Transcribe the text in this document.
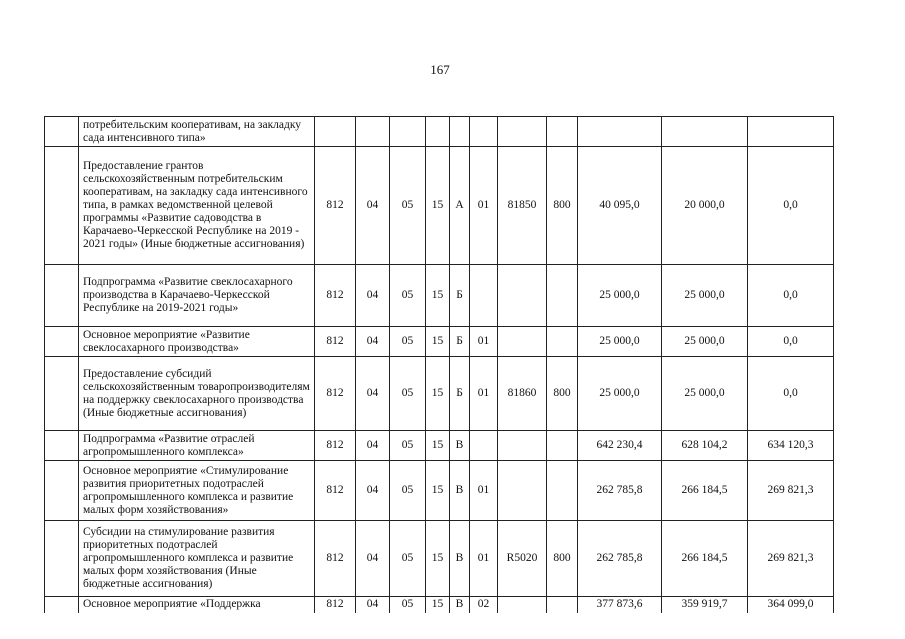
167
	потребительским кооперативам, на закладку сада интенсивного типа»											
	Предоставление грантов сельскохозяйственным потребительским кооперативам, на закладку сада интенсивного типа, в рамках ведомственной целевой программы «Развитие садоводства в Карачаево-Черкесской Республике на 2019 - 2021 годы» (Иные бюджетные ассигнования)	812	04	05	15	А	01	81850	800	40 095,0	20 000,0	0,0
	Подпрограмма «Развитие свеклосахарного производства в Карачаево-Черкесской Республике на 2019-2021 годы»	812	04	05	15	Б				25 000,0	25 000,0	0,0
	Основное мероприятие «Развитие свеклосахарного производства»	812	04	05	15	Б	01			25 000,0	25 000,0	0,0
	Предоставление субсидий сельскохозяйственным товаропроизводителям на поддержку свеклосахарного производства (Иные бюджетные ассигнования)	812	04	05	15	Б	01	81860	800	25 000,0	25 000,0	0,0
	Подпрограмма «Развитие отраслей агропромышленного комплекса»	812	04	05	15	В				642 230,4	628 104,2	634 120,3
	Основное мероприятие «Стимулирование развития приоритетных подотраслей агропромышленного комплекса и развитие малых форм хозяйствования»	812	04	05	15	В	01			262 785,8	266 184,5	269 821,3
	Субсидии на стимулирование развития приоритетных подотраслей агропромышленного комплекса и развитие малых форм хозяйствования (Иные бюджетные ассигнования)	812	04	05	15	В	01	R5020	800	262 785,8	266 184,5	269 821,3
	Основное мероприятие «Поддержка	812	04	05	15	В	02			377 873,6	359 919,7	364 099,0
